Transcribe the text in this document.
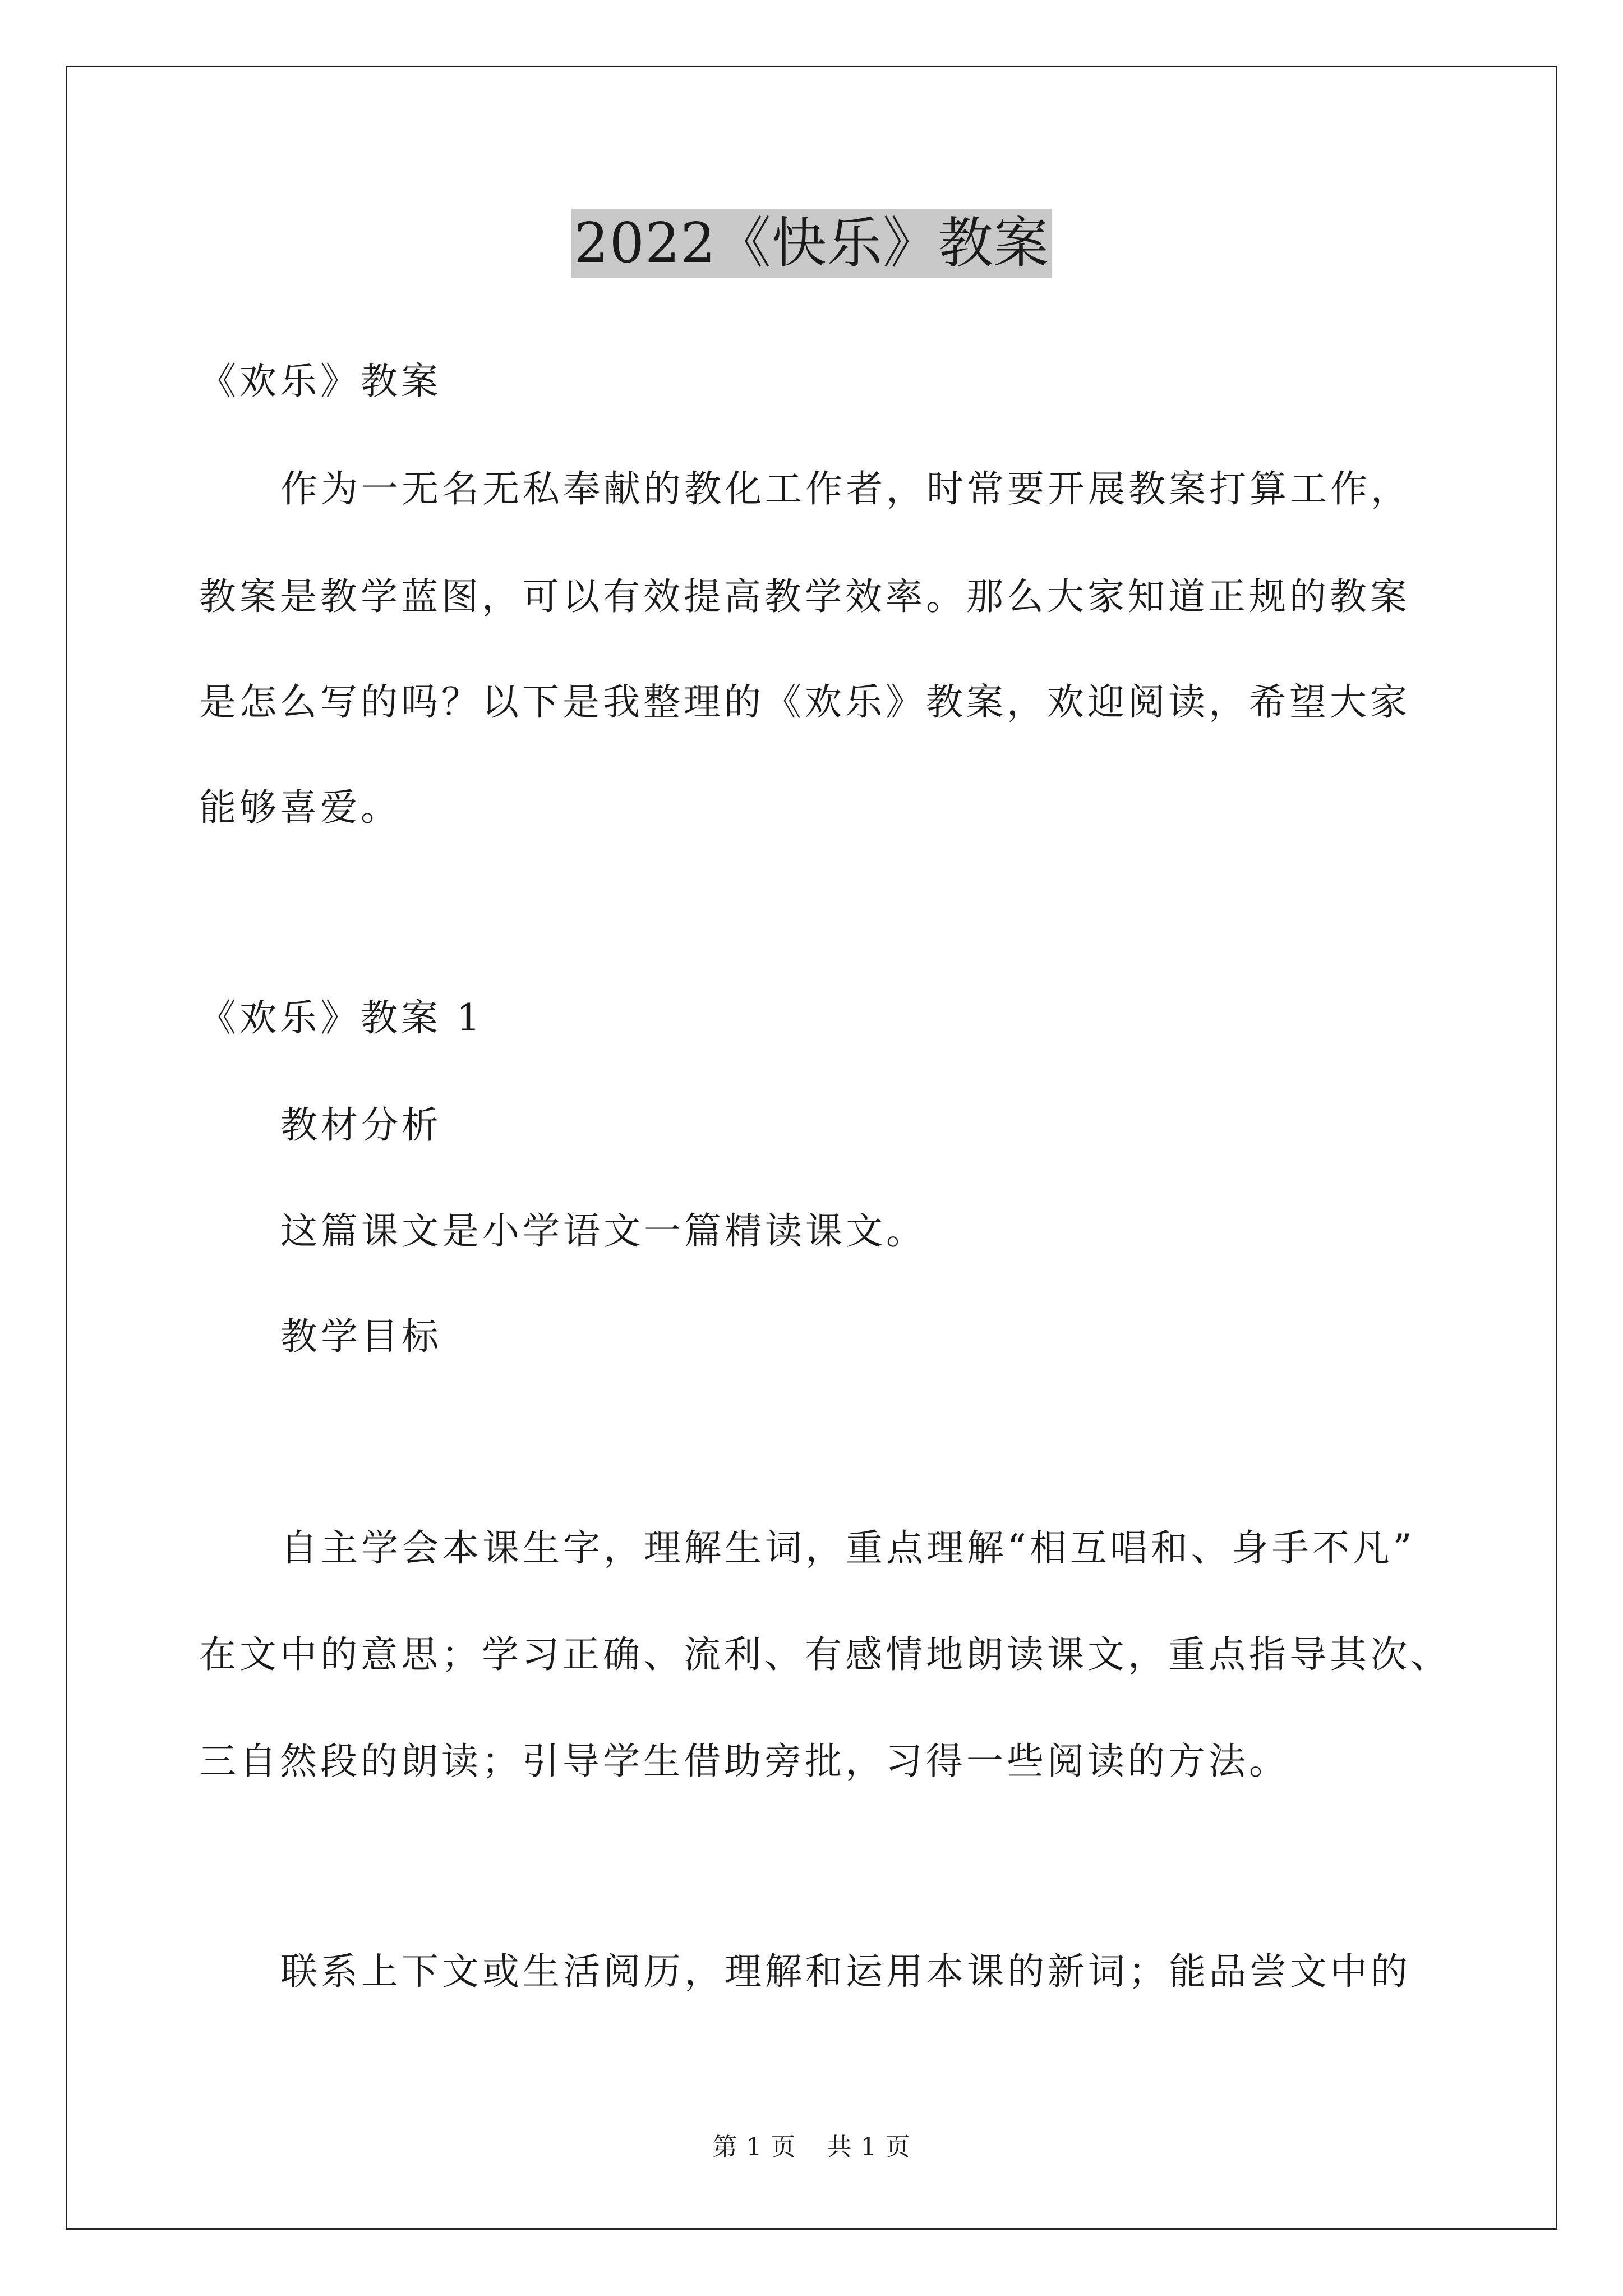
2022《快乐》教案
《欢乐》教案
作为一无名无私奉献的教化工作者，时常要开展教案打算工作，
教案是教学蓝图，可以有效提高教学效率。那么大家知道正规的教案
是怎么写的吗？以下是我整理的《欢乐》教案，欢迎阅读，希望大家
能够喜爱。
《欢乐》教案 1
教材分析
这篇课文是小学语文一篇精读课文。
教学目标
自主学会本课生字，理解生词，重点理解“相互唱和、身手不凡”
在文中的意思；学习正确、流利、有感情地朗读课文，重点指导其次、
三自然段的朗读；引导学生借助旁批，习得一些阅读的方法。
联系上下文或生活阅历，理解和运用本课的新词；能品尝文中的
第 1 页 共 1 页
